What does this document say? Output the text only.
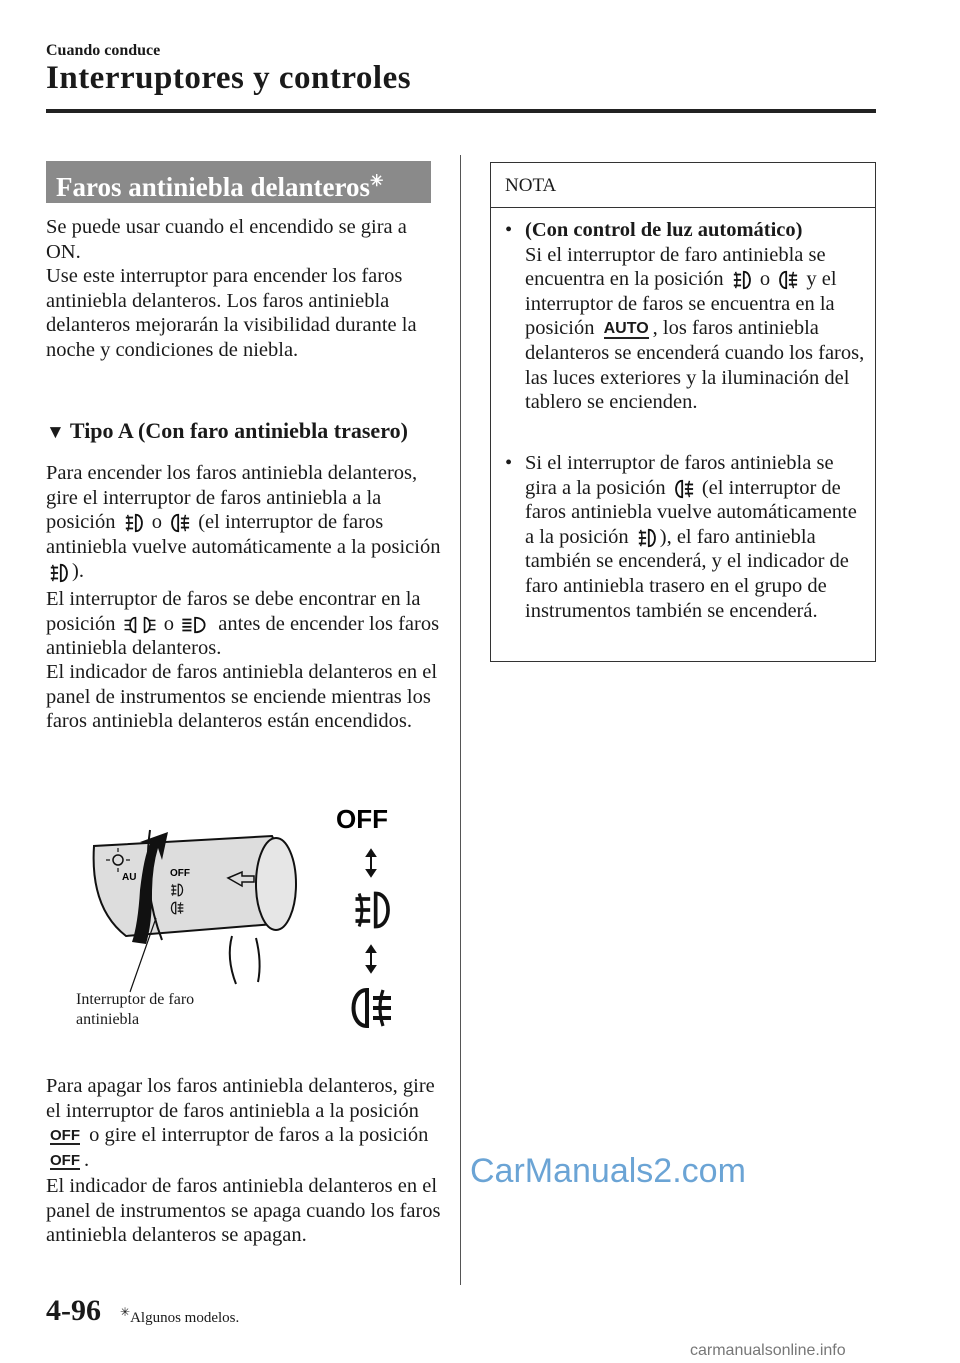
Cuando conduce
Interruptores y controles
Faros antiniebla delanteros✳

Se puede usar cuando el encendido se gira a ON.

Use este interruptor para encender los faros antiniebla delanteros. Los faros antiniebla delanteros mejorarán la visibilidad durante la noche y condiciones de niebla.

▼ Tipo A (Con faro antiniebla trasero)

Para encender los faros antiniebla delanteros, gire el interruptor de faros antiniebla a la posición o (el interruptor de faros antiniebla vuelve automáticamente a la posición ).

El interruptor de faros se debe encontrar en la posición o antes de encender los faros antiniebla delanteros.

El indicador de faros antiniebla delanteros en el panel de instrumentos se enciende mientras los faros antiniebla delanteros están encendidos.

OFF
AU
OFF
Interruptor de faro
antiniebla

Para apagar los faros antiniebla delanteros, gire el interruptor de faros antiniebla a la posición OFF o gire el interruptor de faros a la posición OFF .

El indicador de faros antiniebla delanteros en el panel de instrumentos se apaga cuando los faros antiniebla delanteros se apagan.

NOTA
• (Con control de luz automático)
Si el interruptor de faro antiniebla se encuentra en la posición o y el interruptor de faros se encuentra en la posición AUTO , los faros antiniebla delanteros se encenderá cuando los faros, las luces exteriores y la iluminación del tablero se encienden.
• Si el interruptor de faros antiniebla se gira a la posición (el interruptor de faros antiniebla vuelve automáticamente a la posición ), el faro antiniebla también se encenderá, y el indicador de faro antiniebla trasero en el grupo de instrumentos también se encenderá.
CarManuals2.com
4-96 ✳Algunos modelos.
carmanualsonline.info
